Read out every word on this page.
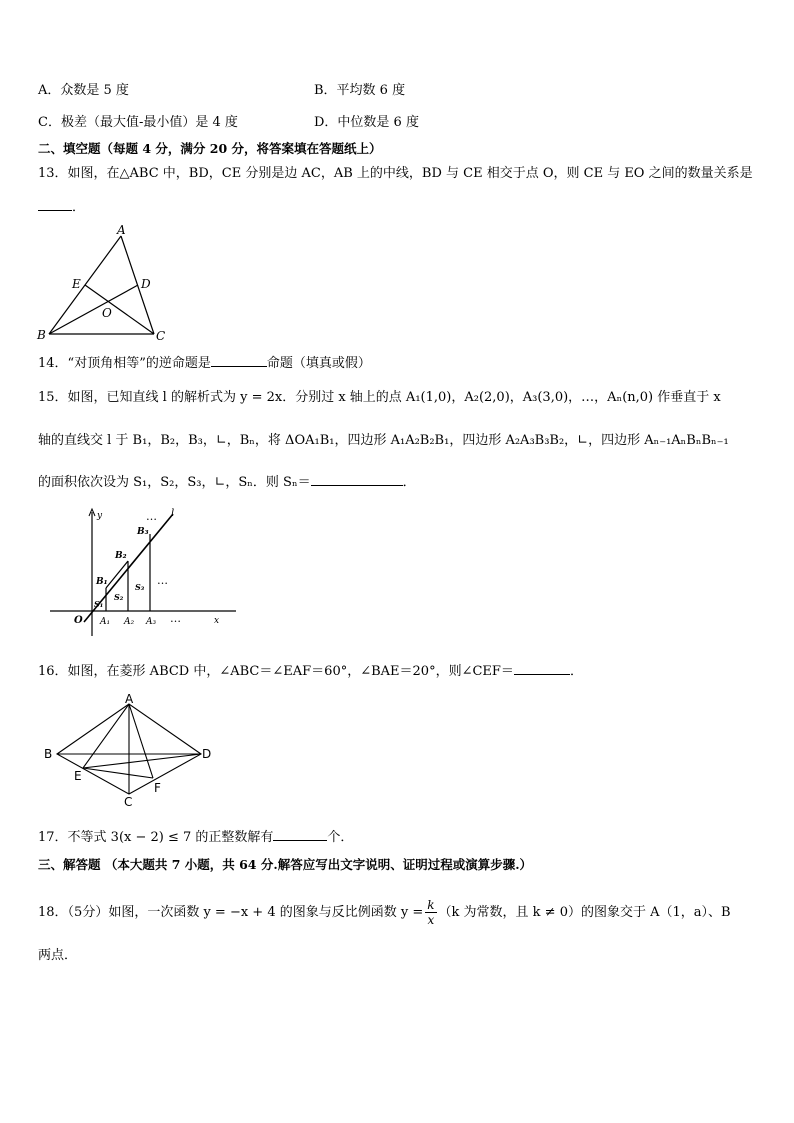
A．众数是 5 度	B．平均数 6 度
C．极差（最大值-最小值）是 4 度	D．中位数是 6 度
二、填空题（每题 4 分，满分 20 分，将答案填在答题纸上）
13．如图，在△ABC 中，BD，CE 分别是边 AC，AB 上的中线，BD 与 CE 相交于点 O，则 CE 与 EO 之间的数量关系是
．
A
B	C
D
E
O
14．“对顶角相等”的逆命题是	命题（填真或假）
15．如图，已知直线 l 的解析式为 y = 2x．分别过 x 轴上的点 A₁(1,0)，A₂(2,0)，A₃(3,0)，…，Aₙ(n,0) 作垂直于 x
轴的直线交 l 于 B₁，B₂，B₃，∟，Bₙ，将 ΔOA₁B₁，四边形 A₁A₂B₂B₁，四边形 A₂A₃B₃B₂，∟，四边形 Aₙ₋₁AₙBₙBₙ₋₁
的面积依次设为 S₁，S₂，S₃，∟，Sₙ．则 Sₙ＝	．
y
x
l
O A₁ A₂ A₃
B₁
B₂
B₃
S₁
S₂
S₃
…
…
…
16．如图，在菱形 ABCD 中，∠ABC＝∠EAF＝60°，∠BAE＝20°，则∠CEF＝	．
A
B
C
D
E
F
17．不等式 3(x − 2) ≤ 7 的正整数解有	个．
三、解答题 （本大题共 7 小题，共 64 分.解答应写出文字说明、证明过程或演算步骤.）
18．（5分）如图，一次函数 y = −x + 4 的图象与反比例函数 $y = \frac{k}{x} (k$ 为常数，且 k ≠ 0）的图象交于 A（1，a）、B
两点．
